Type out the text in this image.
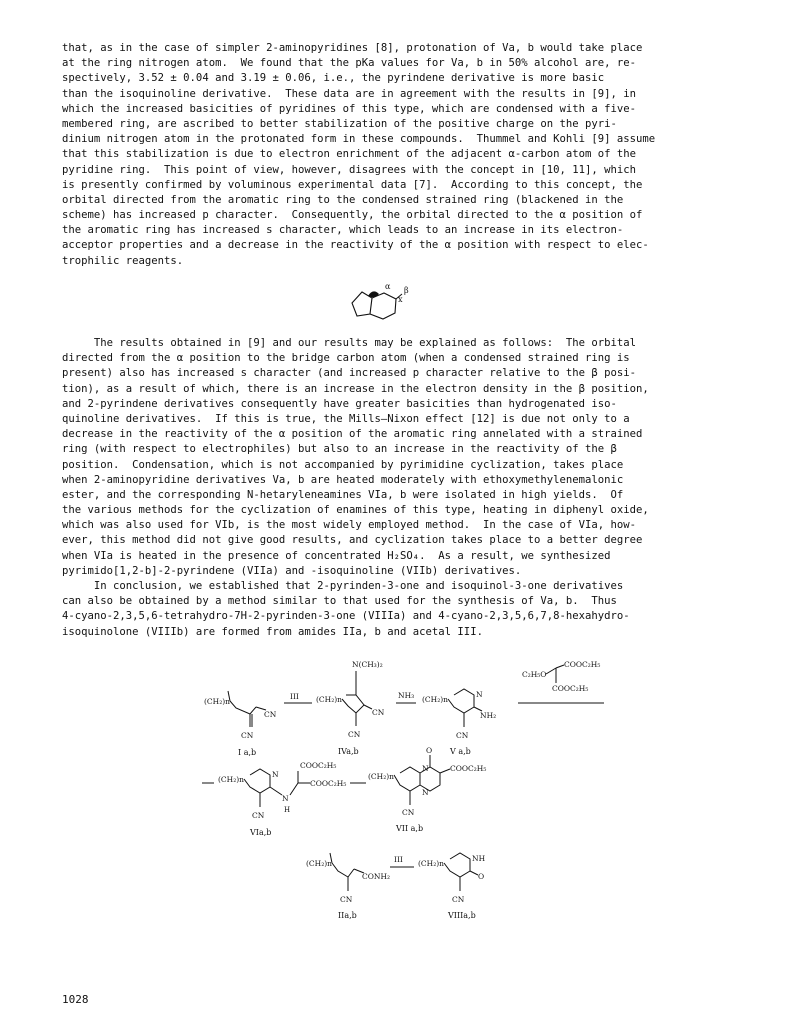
that, as in the case of simpler 2-aminopyridines [8], protonation of Va, b would take place
at the ring nitrogen atom.  We found that the pKa values for Va, b in 50% alcohol are, re-
spectively, 3.52 ± 0.04 and 3.19 ± 0.06, i.e., the pyrindene derivative is more basic
than the isoquinoline derivative.  These data are in agreement with the results in [9], in
which the increased basicities of pyridines of this type, which are condensed with a five-
membered ring, are ascribed to better stabilization of the positive charge on the pyri-
dinium nitrogen atom in the protonated form in these compounds.  Thummel and Kohli [9] assume
that this stabilization is due to electron enrichment of the adjacent α-carbon atom of the
pyridine ring.  This point of view, however, disagrees with the concept in [10, 11], which
is presently confirmed by voluminous experimental data [7].  According to this concept, the
orbital directed from the aromatic ring to the condensed strained ring (blackened in the
scheme) has increased p character.  Consequently, the orbital directed to the α position of
the aromatic ring has increased s character, which leads to an increase in its electron-
acceptor properties and a decrease in the reactivity of the α position with respect to elec-
trophilic reagents.
α
x
β
The results obtained in [9] and our results may be explained as follows:  The orbital
directed from the α position to the bridge carbon atom (when a condensed strained ring is
present) also has increased s character (and increased p character relative to the β posi-
tion), as a result of which, there is an increase in the electron density in the β position,
and 2-pyrindene derivatives consequently have greater basicities than hydrogenated iso-
quinoline derivatives.  If this is true, the Mills—Nixon effect [12] is due not only to a
decrease in the reactivity of the α position of the aromatic ring annelated with a strained
ring (with respect to electrophiles) but also to an increase in the reactivity of the β
position.  Condensation, which is not accompanied by pyrimidine cyclization, takes place
when 2-aminopyridine derivatives Va, b are heated moderately with ethoxymethylenemalonic
ester, and the corresponding N-hetaryleneamines VIa, b were isolated in high yields.  Of
the various methods for the cyclization of enamines of this type, heating in diphenyl oxide,
which was also used for VIb, is the most widely employed method.  In the case of VIa, how-
ever, this method did not give good results, and cyclization takes place to a better degree
when VIa is heated in the presence of concentrated H₂SO₄.  As a result, we synthesized
pyrimido[1,2-b]-2-pyrindene (VIIa) and -isoquinoline (VIIb) derivatives.
In conclusion, we established that 2-pyrinden-3-one and isoquinol-3-one derivatives
can also be obtained by a method similar to that used for the synthesis of Va, b.  Thus
4-cyano-2,3,5,6-tetrahydro-7H-2-pyrinden-3-one (VIIIa) and 4-cyano-2,3,5,6,7,8-hexahydro-
isoquinolone (VIIIb) are formed from amides IIa, b and acetal III.
(CH₂)n
CN
CN
I a,b
III
N(CH₃)₂
(CH₂)n
CN
CN
IVa,b
NH₃ (CH₂)n
N
NH₂
CN
V a,b
C₂H₅O
COOC₂H₅
COOC₂H₅
(CH₂)n
N
N
H
COOC₂H₅
COOC₂H₅
CN
VIa,b
(CH₂)n
N
N
O
COOC₂H₅
CN
VII a,b
(CH₂)n
CONH₂
CN
IIa,b
III (CH₂)n
NH
O
CN
VIIIa,b
1028
